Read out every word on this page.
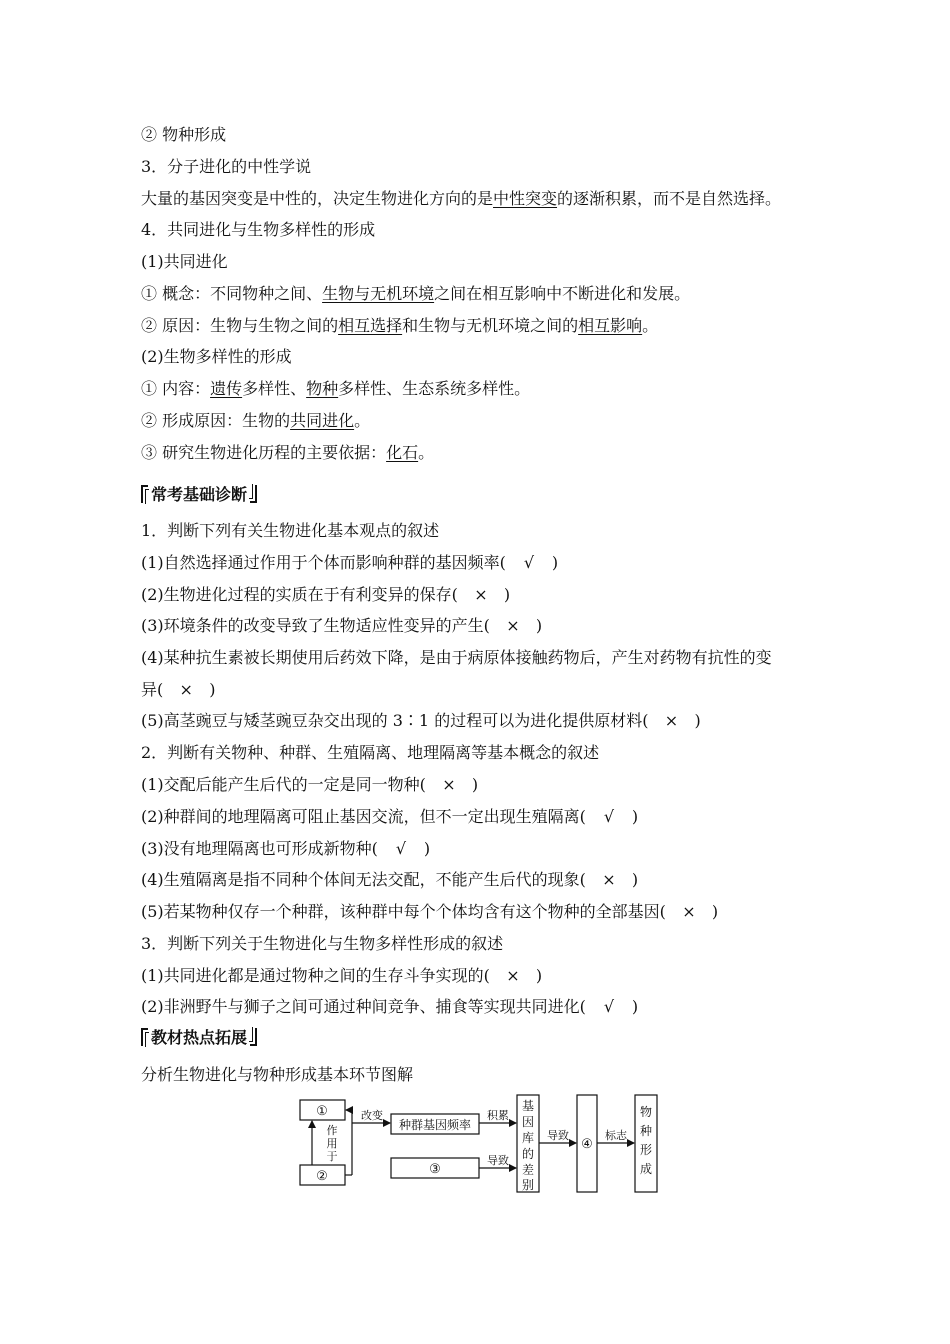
② 物种形成
3．分子进化的中性学说
大量的基因突变是中性的，决定生物进化方向的是中性突变的逐渐积累，而不是自然选择。
4．共同进化与生物多样性的形成
(1)共同进化
① 概念：不同物种之间、生物与无机环境之间在相互影响中不断进化和发展。
② 原因：生物与生物之间的相互选择和生物与无机环境之间的相互影响。
(2)生物多样性的形成
① 内容：遗传多样性、物种多样性、生态系统多样性。
② 形成原因：生物的共同进化。
③ 研究生物进化历程的主要依据：化石。
常考基础诊断
1．判断下列有关生物进化基本观点的叙述
(1)自然选择通过作用于个体而影响种群的基因频率( √ )
(2)生物进化过程的实质在于有利变异的保存( × )
(3)环境条件的改变导致了生物适应性变异的产生( × )
(4)某种抗生素被长期使用后药效下降，是由于病原体接触药物后，产生对药物有抗性的变
异( × )
(5)高茎豌豆与矮茎豌豆杂交出现的 3∶1 的过程可以为进化提供原材料( × )
2．判断有关物种、种群、生殖隔离、地理隔离等基本概念的叙述
(1)交配后能产生后代的一定是同一物种( × )
(2)种群间的地理隔离可阻止基因交流，但不一定出现生殖隔离( √ )
(3)没有地理隔离也可形成新物种( √ )
(4)生殖隔离是指不同种个体间无法交配，不能产生后代的现象( × )
(5)若某物种仅存一个种群，该种群中每个个体均含有这个物种的全部基因( × )
3．判断下列关于生物进化与生物多样性形成的叙述
(1)共同进化都是通过物种之间的生存斗争实现的( × )
(2)非洲野牛与狮子之间可通过种间竞争、捕食等实现共同进化( √ )
教材热点拓展
分析生物进化与物种形成基本环节图解
①
②
作
用
于
改变
种群基因频率
积累
③
导致
基
因
库
的
差
别
导致
④
标志
物
种
形
成
